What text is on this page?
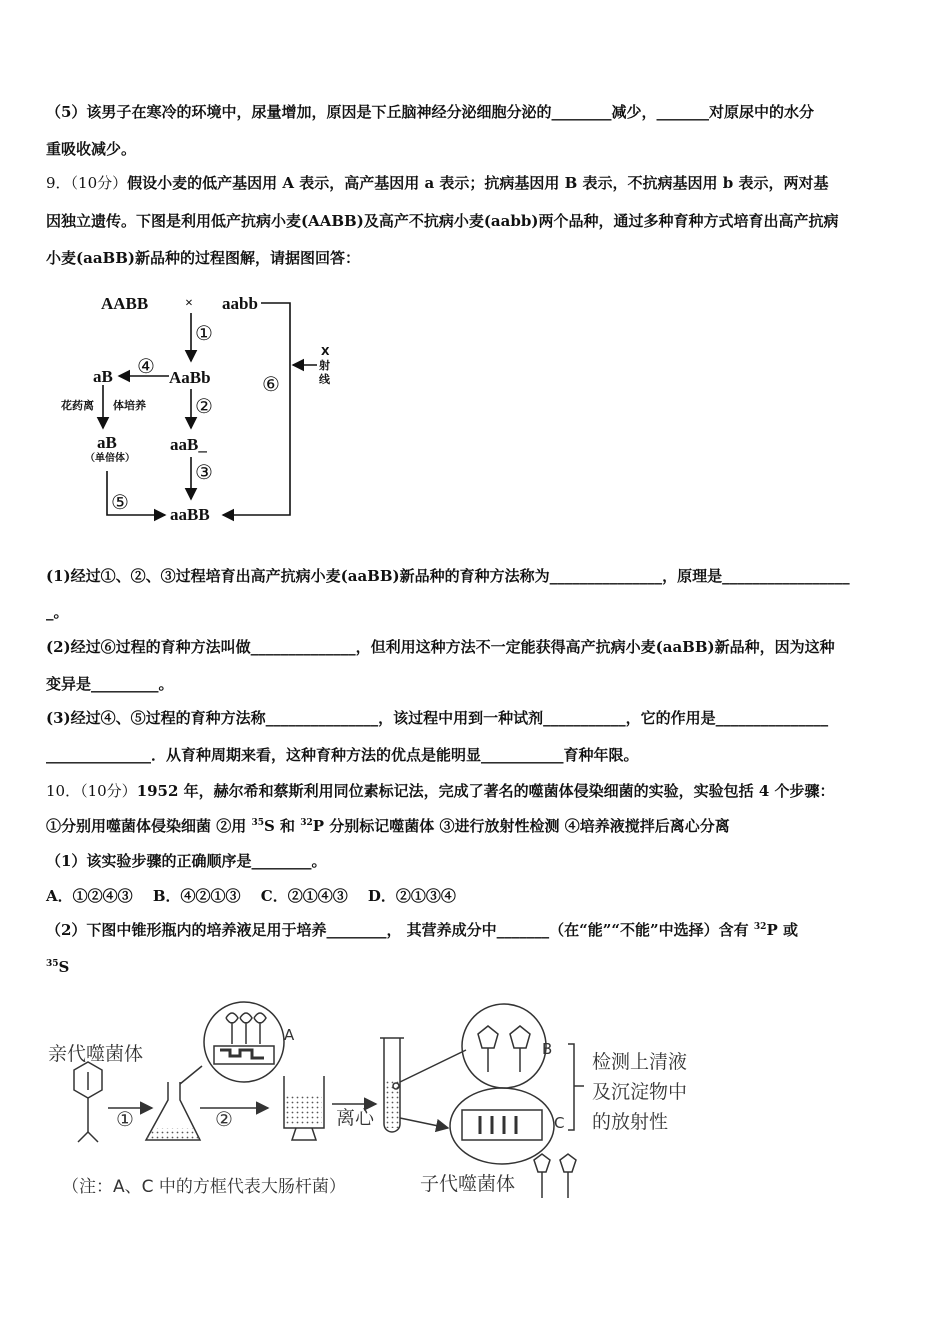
（5）该男子在寒冷的环境中，尿量增加，原因是下丘脑神经分泌细胞分泌的________减少，_______对原尿中的水分
重吸收减少。
9．（10分）假设小麦的低产基因用 A 表示，高产基因用 a 表示；抗病基因用 B 表示，不抗病基因用 b 表示，两对基
因独立遗传。下图是利用低产抗病小麦(AABB)及高产不抗病小麦(aabb)两个品种，通过多种育种方式培育出高产抗病
小麦(aaBB)新品种的过程图解，请据图回答：
AABB	× aabb
AaBb
aB
aB	aaB_
aaBB
①
④
②
③
⑤
⑥
花药离 体培养
（单倍体）
X
射
线
(1)经过①、②、③过程培育出高产抗病小麦(aaBB)新品种的育种方法称为_______________，原理是_________________
_。
(2)经过⑥过程的育种方法叫做______________，但利用这种方法不一定能获得高产抗病小麦(aaBB)新品种，因为这种
变异是_________。
(3)经过④、⑤过程的育种方法称_______________，该过程中用到一种试剂___________，它的作用是_______________
______________．从育种周期来看，这种育种方法的优点是能明显___________育种年限。
10．（10分）1952 年，赫尔希和蔡斯利用同位素标记法，完成了著名的噬菌体侵染细菌的实验，实验包括 4 个步骤：
①分别用噬菌体侵染细菌 ②用 $^{35}$S 和 $^{32}$P 分别标记噬菌体 ③进行放射性检测 ④培养液搅拌后离心分离
（1）该实验步骤的正确顺序是________。
A．①②④③　 B．④②①③　 C．②①④③　 D．②①③④
（2）下图中锥形瓶内的培养液足用于培养________， 其营养成分中_______（在“能”“不能”中选择）含有 $^{32}$P 或
$^{35}$S
亲代噬菌体
A
离心
B
C
检测上清液
及沉淀物中
的放射性
（注：A、C 中的方框代表大肠杆菌）	子代噬菌体
①	②
